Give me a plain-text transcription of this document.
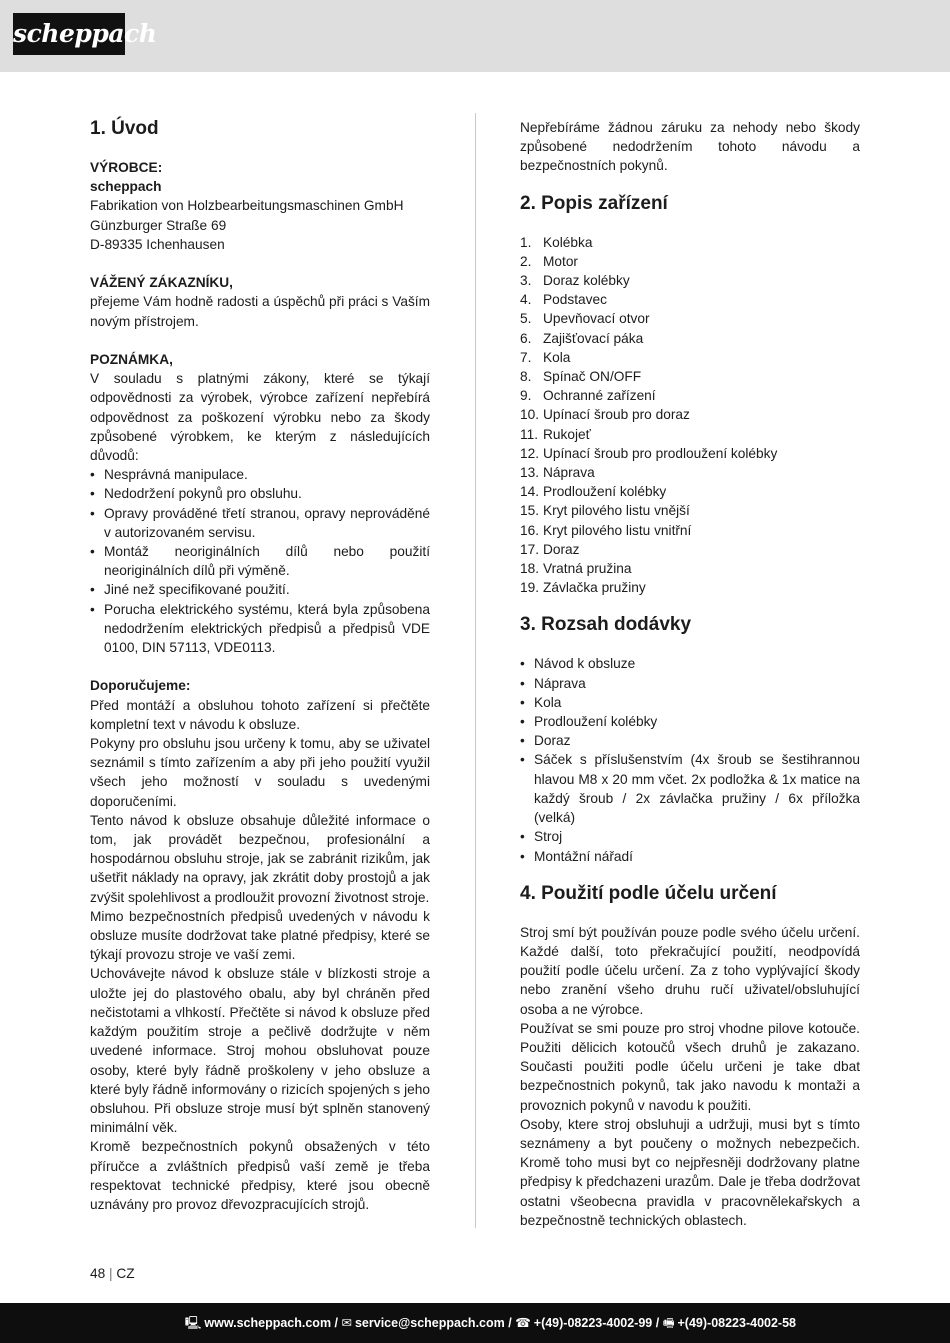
scheppach
1. Úvod
VÝROBCE:
scheppach
Fabrikation von Holzbearbeitungsmaschinen GmbH
Günzburger Straße 69
D-89335 Ichenhausen
VÁŽENÝ ZÁKAZNÍKU,

přejeme Vám hodně radosti a úspěchů při práci s Vaším novým přístrojem.

POZNÁMKA,

V souladu s platnými zákony, které se týkají odpovědnosti za výrobek, výrobce zařízení nepřebírá odpovědnost za poškození výrobku nebo za škody způsobené výrobkem, ke kterým z následujících důvodů:

• Nesprávná manipulace.
• Nedodržení pokynů pro obsluhu.
• Opravy prováděné třetí stranou, opravy neprováděné v autorizovaném servisu.
• Montáž neoriginálních dílů nebo použití neoriginálních dílů při výměně.
• Jiné než specifikované použití.
• Porucha elektrického systému, která byla způsobena nedodržením elektrických předpisů a předpisů VDE 0100, DIN 57113, VDE0113.
Doporučujeme:

Před montáží a obsluhou tohoto zařízení si přečtěte kompletní text v návodu k obsluze.

Pokyny pro obsluhu jsou určeny k tomu, aby se uživatel seznámil s tímto zařízením a aby při jeho použití využil všech jeho možností v souladu s uvedenými doporučeními.

Tento návod k obsluze obsahuje důležité informace o tom, jak provádět bezpečnou, profesionální a hospodárnou obsluhu stroje, jak se zabránit rizikům, jak ušetřit náklady na opravy, jak zkrátit doby prostojů a jak zvýšit spolehlivost a prodloužit provozní životnost stroje.

Mimo bezpečnostních předpisů uvedených v návodu k obsluze musíte dodržovat take platné předpisy, které se týkají provozu stroje ve vaší zemi.

Uchovávejte návod k obsluze stále v blízkosti stroje a uložte jej do plastového obalu, aby byl chráněn před nečistotami a vlhkostí. Přečtěte si návod k obsluze před každým použitím stroje a pečlivě dodržujte v něm uvedené informace. Stroj mohou obsluhovat pouze osoby, které byly řádně proškoleny v jeho obsluze a které byly řádně informovány o rizicích spojených s jeho obsluhou. Při obsluze stroje musí být splněn stanovený minimální věk.

Kromě bezpečnostních pokynů obsažených v této příručce a zvláštních předpisů vaší země je třeba respektovat technické předpisy, které jsou obecně uznávány pro provoz dřevozpracujících strojů.

Nepřebíráme žádnou záruku za nehody nebo škody způsobené nedodržením tohoto návodu a bezpečnostních pokynů.

2. Popis zařízení
1. Kolébka
2. Motor
3. Doraz kolébky
4. Podstavec
5. Upevňovací otvor
6. Zajišťovací páka
7. Kola
8. Spínač ON/OFF
9. Ochranné zařízení
10. Upínací šroub pro doraz
11. Rukojeť
12. Upínací šroub pro prodloužení kolébky
13. Náprava
14. Prodloužení kolébky
15. Kryt pilového listu vnější
16. Kryt pilového listu vnitřní
17. Doraz
18. Vratná pružina
19. Závlačka pružiny
3. Rozsah dodávky
• Návod k obsluze
• Náprava
• Kola
• Prodloužení kolébky
• Doraz
• Sáček s příslušenstvím (4x šroub se šestihrannou hlavou M8 x 20 mm včet. 2x podložka & 1x matice na každý šroub / 2x závlačka pružiny / 6x příložka (velká)
• Stroj
• Montážní nářadí
4. Použití podle účelu určení

Stroj smí být používán pouze podle svého účelu určení. Každé další, toto překračující použití, neodpovídá použití podle účelu určení. Za z toho vyplývající škody nebo zranění všeho druhu ručí uživatel/obsluhující osoba a ne výrobce.

Používat se smi pouze pro stroj vhodne pilove kotouče. Použiti dělicich kotoučů všech druhů je zakazano. Současti použiti podle účelu určeni je take dbat bezpečnostnich pokynů, tak jako navodu k montaži a provoznich pokynů v navodu k použiti.

Osoby, ktere stroj obsluhuji a udržuji, musi byt s tímto seznámeny a byt poučeny o možnych nebezpečich. Kromě toho musi byt co nejpřesněji dodržovany platne předpisy k předchazeni urazům. Dale je třeba dodržovat ostatni všeobecna pravidla v pracovnělekařskych a bezpečnostně technických oblastech.

48 | CZ
🖳 www.scheppach.com / ✉ service@scheppach.com / ☎ +(49)-08223-4002-99 / 🖷 +(49)-08223-4002-58
